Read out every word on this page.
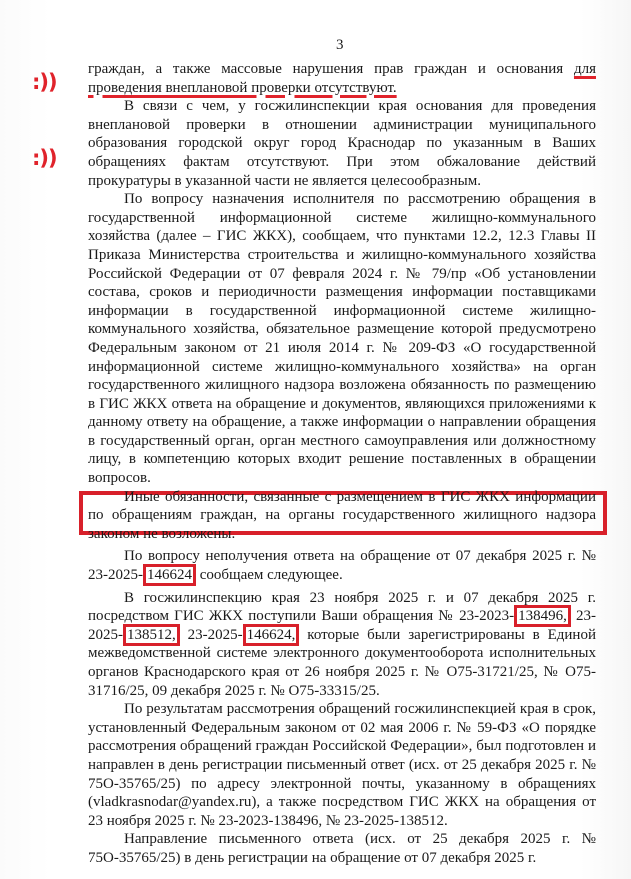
3
:))
:))

граждан, а также массовые нарушения прав граждан и основания для проведения внеплановой проверки отсутствуют.

В связи с чем, у госжилинспекции края основания для проведения внеплановой проверки в отношении администрации муниципального образования городской округ город Краснодар по указанным в Ваших обращениях фактам отсутствуют. При этом обжалование действий прокуратуры в указанной части не является целесообразным.

По вопросу назначения исполнителя по рассмотрению обращения в государственной информационной системе жилищно-коммунального хозяйства (далее – ГИС ЖКХ), сообщаем, что пунктами 12.2, 12.3 Главы II Приказа Министерства строительства и жилищно-коммунального хозяйства Российской Федерации от 07 февраля 2024 г. № 79/пр «Об установлении состава, сроков и периодичности размещения информации поставщиками информации в государственной информационной системе жилищно-коммунального хозяйства, обязательное размещение которой предусмотрено Федеральным законом от 21 июля 2014 г. № 209-ФЗ «О государственной информационной системе жилищно-коммунального хозяйства» на орган государственного жилищного надзора возложена обязанность по размещению в ГИС ЖКХ ответа на обращение и документов, являющихся приложениями к данному ответу на обращение, а также информации о направлении обращения в государственный орган, орган местного самоуправления или должностному лицу, в компетенцию которых входит решение поставленных в обращении вопросов.

Иные обязанности, связанные с размещением в ГИС ЖКХ информации по обращениям граждан, на органы государственного жилищного надзора законом не возложены.

По вопросу неполучения ответа на обращение от 07 декабря 2025 г. № 23-2025- 146624 сообщаем следующее.

В госжилинспекцию края 23 ноября 2025 г. и 07 декабря 2025 г. посредством ГИС ЖКХ поступили Ваши обращения № 23-2023- 138496, 23-2025- 138512, 23-2025- 146624, которые были зарегистрированы в Единой межведомственной системе электронного документооборота исполнительных органов Краснодарского края от 26 ноября 2025 г. № О75-31721/25, № О75-31716/25, 09 декабря 2025 г. № О75-33315/25.

По результатам рассмотрения обращений госжилинспекцией края в срок, установленный Федеральным законом от 02 мая 2006 г. № 59-ФЗ «О порядке рассмотрения обращений граждан Российской Федерации», был подготовлен и направлен в день регистрации письменный ответ (исх. от 25 декабря 2025 г. № 75О-35765/25) по адресу электронной почты, указанному в обращениях (vladkrasnodar@yandex.ru), а также посредством ГИС ЖКХ на обращения от 23 ноября 2025 г. № 23-2023-138496, № 23-2025-138512.

Направление письменного ответа (исх. от 25 декабря 2025 г. № 75О-35765/25) в день регистрации на обращение от 07 декабря 2025 г.
